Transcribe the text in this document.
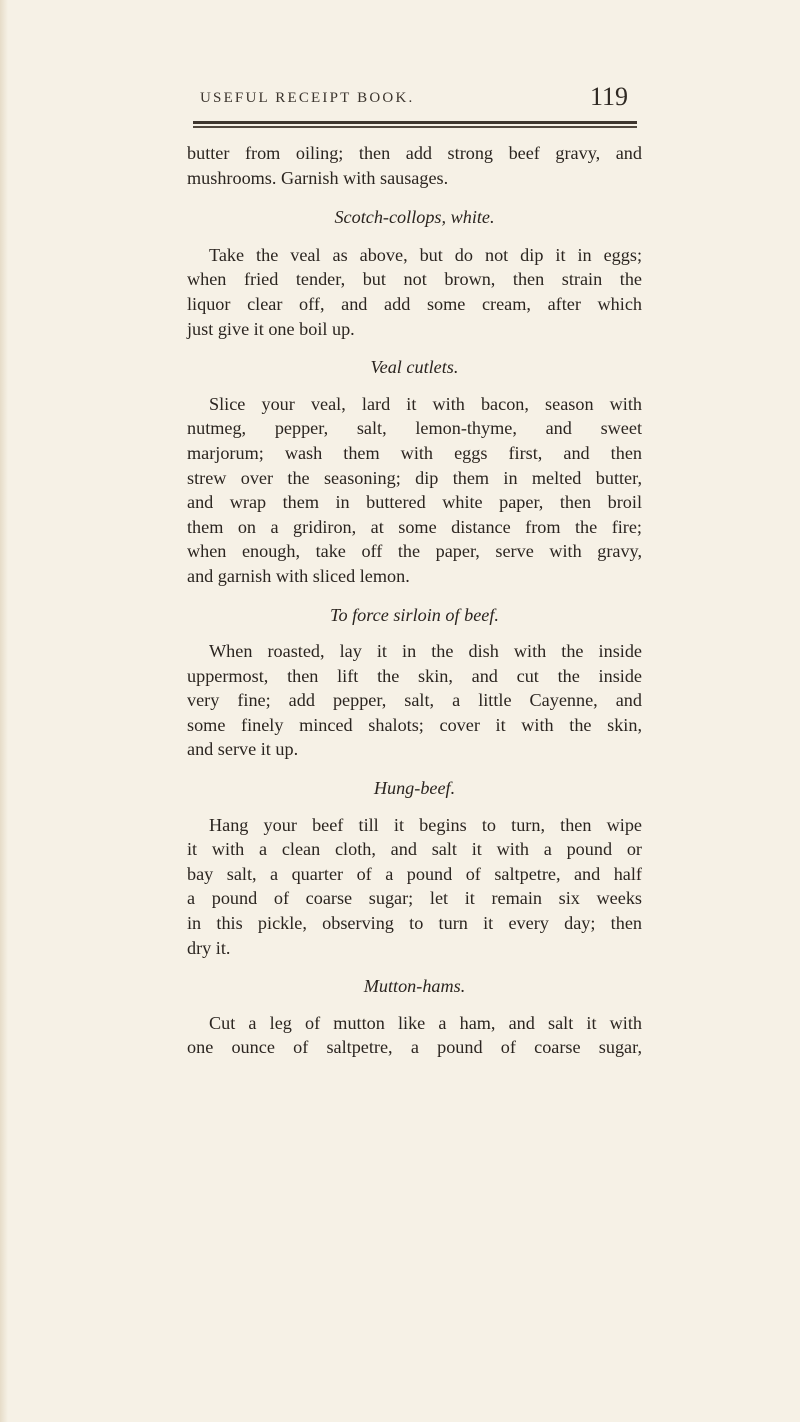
USEFUL RECEIPT BOOK.	119

butter from oiling; then add strong beef gravy, and
mushrooms. Garnish with sausages.

Scotch-collops, white.

Take the veal as above, but do not dip it in eggs;
when fried tender, but not brown, then strain the
liquor clear off, and add some cream, after which
just give it one boil up.

Veal cutlets.

Slice your veal, lard it with bacon, season with
nutmeg, pepper, salt, lemon-thyme, and sweet
marjorum; wash them with eggs first, and then
strew over the seasoning; dip them in melted butter,
and wrap them in buttered white paper, then broil
them on a gridiron, at some distance from the fire;
when enough, take off the paper, serve with gravy,
and garnish with sliced lemon.

To force sirloin of beef.

When roasted, lay it in the dish with the inside
uppermost, then lift the skin, and cut the inside
very fine; add pepper, salt, a little Cayenne, and
some finely minced shalots; cover it with the skin,
and serve it up.

Hung-beef.

Hang your beef till it begins to turn, then wipe
it with a clean cloth, and salt it with a pound or
bay salt, a quarter of a pound of saltpetre, and half
a pound of coarse sugar; let it remain six weeks
in this pickle, observing to turn it every day; then
dry it.

Mutton-hams.

Cut a leg of mutton like a ham, and salt it with
one ounce of saltpetre, a pound of coarse sugar,
